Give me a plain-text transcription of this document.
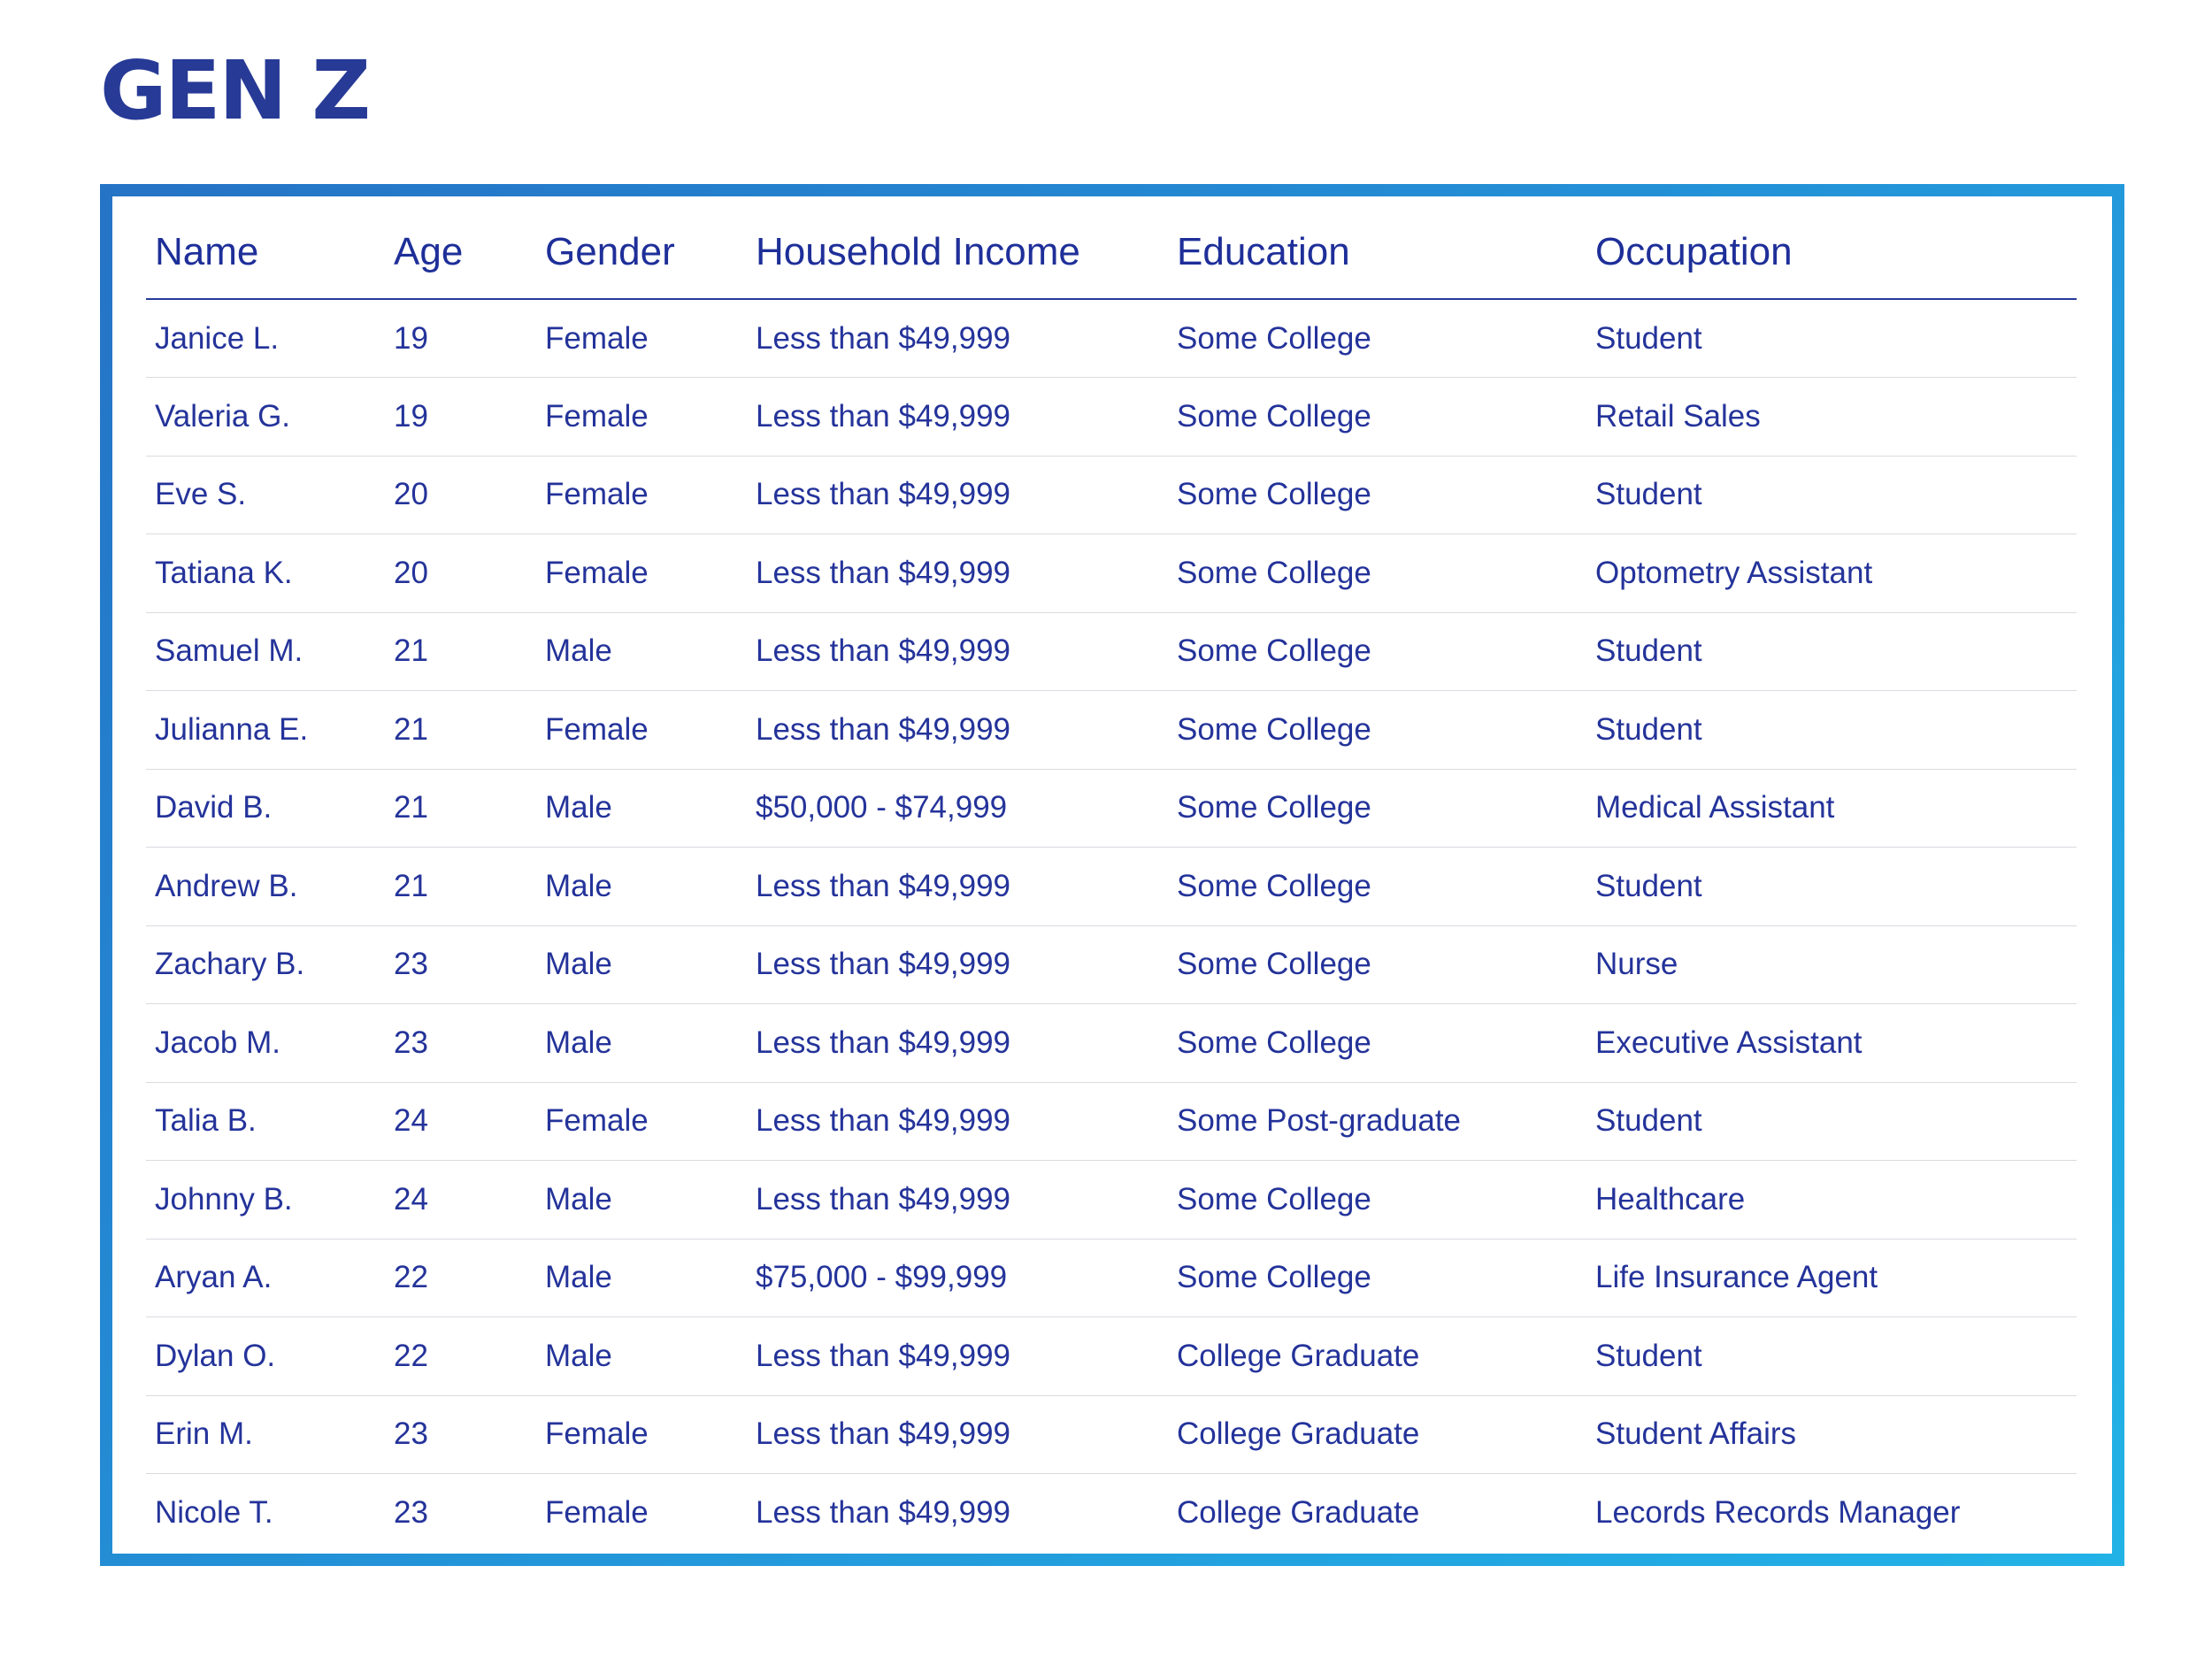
GEN Z
Name	Age	Gender	Household Income	Education	Occupation
Janice L.	19	Female	Less than $49,999	Some College	Student
Valeria G.	19	Female	Less than $49,999	Some College	Retail Sales
Eve S.	20	Female	Less than $49,999	Some College	Student
Tatiana K.	20	Female	Less than $49,999	Some College	Optometry Assistant
Samuel M.	21	Male	Less than $49,999	Some College	Student
Julianna E.	21	Female	Less than $49,999	Some College	Student
David B.	21	Male	$50,000 - $74,999	Some College	Medical Assistant
Andrew B.	21	Male	Less than $49,999	Some College	Student
Zachary B.	23	Male	Less than $49,999	Some College	Nurse
Jacob M.	23	Male	Less than $49,999	Some College	Executive Assistant
Talia B.	24	Female	Less than $49,999	Some Post-graduate	Student
Johnny B.	24	Male	Less than $49,999	Some College	Healthcare
Aryan A.	22	Male	$75,000 - $99,999	Some College	Life Insurance Agent
Dylan O.	22	Male	Less than $49,999	College Graduate	Student
Erin M.	23	Female	Less than $49,999	College Graduate	Student Affairs
Nicole T.	23	Female	Less than $49,999	College Graduate	Lecords Records Manager
